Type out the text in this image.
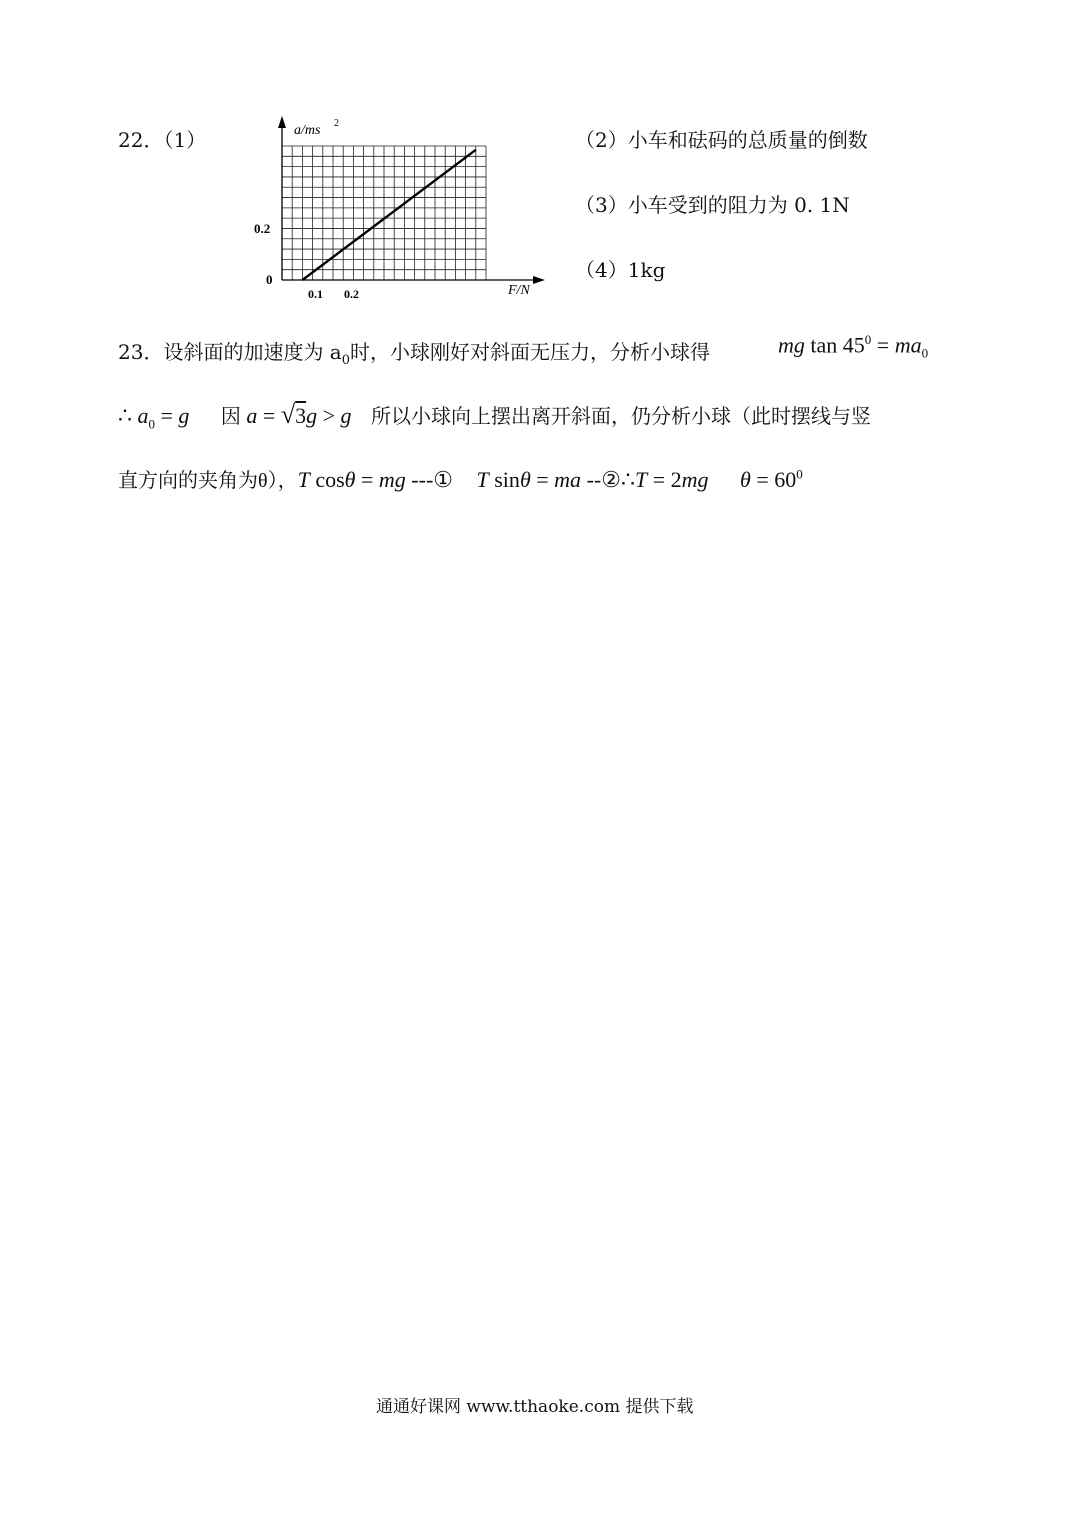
22．（1）	a/ms 2
F/N
0
0.2
0.1 0.2
（2）小车和砝码的总质量的倒数
（3）小车受到的阻力为 0. 1N
（4）1kg
23．设斜面的加速度为 $a_0$时，小球刚好对斜面无压力，分析小球得	mg $\tan 45^0 = ma_0$
∴ $a_0 = g$ 因 a = √3g > g 所以小球向上摆出离开斜面，仍分析小球（此时摆线与竖
直方向的夹角为θ），T cosθ = mg ---① T sinθ = ma --②∴T = 2mg $\theta = 60^0$
通通好课网 www.tthaoke.com 提供下载
